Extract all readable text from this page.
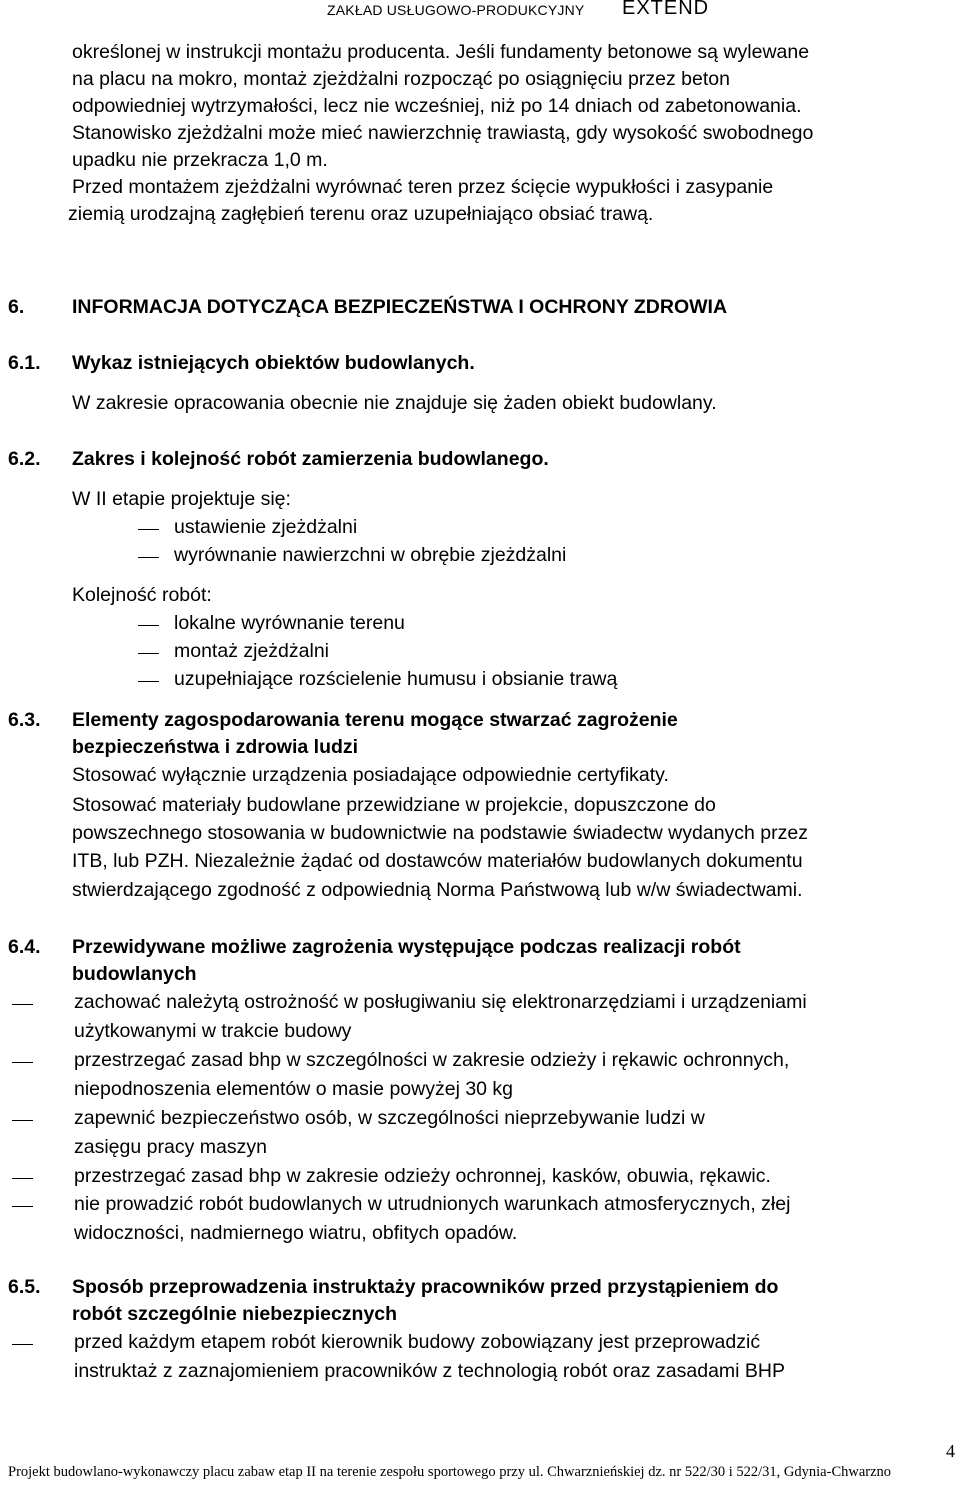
ZAKŁAD USŁUGOWO-PRODUKCYJNY EXTEND
określonej w instrukcji montażu producenta. Jeśli fundamenty betonowe są wylewane
na placu na mokro, montaż zjeżdżalni rozpocząć po osiągnięciu przez beton
odpowiedniej wytrzymałości, lecz nie wcześniej, niż po 14 dniach od zabetonowania.
Stanowisko zjeżdżalni może mieć nawierzchnię trawiastą, gdy wysokość swobodnego
upadku nie przekracza 1,0 m.
Przed montażem zjeżdżalni wyrównać teren przez ścięcie wypukłości i zasypanie
ziemią urodzajną zagłębień terenu oraz uzupełniająco obsiać trawą.
6. INFORMACJA DOTYCZĄCA BEZPIECZEŃSTWA I OCHRONY ZDROWIA
6.1. Wykaz istniejących obiektów budowlanych.
W zakresie opracowania obecnie nie znajduje się żaden obiekt budowlany.
6.2. Zakres i kolejność robót zamierzenia budowlanego.
W II etapie projektuje się:
ustawienie zjeżdżalni
wyrównanie nawierzchni w obrębie zjeżdżalni
Kolejność robót:
lokalne wyrównanie terenu
montaż zjeżdżalni
uzupełniające rozścielenie humusu i obsianie trawą
6.3. Elementy zagospodarowania terenu mogące stwarzać zagrożenie
bezpieczeństwa i zdrowia ludzi
Stosować wyłącznie urządzenia posiadające odpowiednie certyfikaty.
Stosować materiały budowlane przewidziane w projekcie, dopuszczone do
powszechnego stosowania w budownictwie na podstawie świadectw wydanych przez
ITB, lub PZH. Niezależnie żądać od dostawców materiałów budowlanych dokumentu
stwierdzającego zgodność z odpowiednią Norma Państwową lub w/w świadectwami.
6.4. Przewidywane możliwe zagrożenia występujące podczas realizacji robót
budowlanych
zachować należytą ostrożność w posługiwaniu się elektronarzędziami i urządzeniami
użytkowanymi w trakcie budowy
przestrzegać zasad bhp w szczególności w zakresie odzieży i rękawic ochronnych,
niepodnoszenia elementów o masie powyżej 30 kg
zapewnić bezpieczeństwo osób, w szczególności nieprzebywanie ludzi w
zasięgu pracy maszyn
przestrzegać zasad bhp w zakresie odzieży ochronnej, kasków, obuwia, rękawic.
nie prowadzić robót budowlanych w utrudnionych warunkach atmosferycznych, złej
widoczności, nadmiernego wiatru, obfitych opadów.
6.5. Sposób przeprowadzenia instruktaży pracowników przed przystąpieniem do
robót szczególnie niebezpiecznych
przed każdym etapem robót kierownik budowy zobowiązany jest przeprowadzić
instruktaż z zaznajomieniem pracowników z technologią robót oraz zasadami BHP
4
Projekt budowlano-wykonawczy placu zabaw etap II na terenie zespołu sportowego przy ul. Chwarznieńskiej dz. nr 522/30 i 522/31, Gdynia-Chwarzno
